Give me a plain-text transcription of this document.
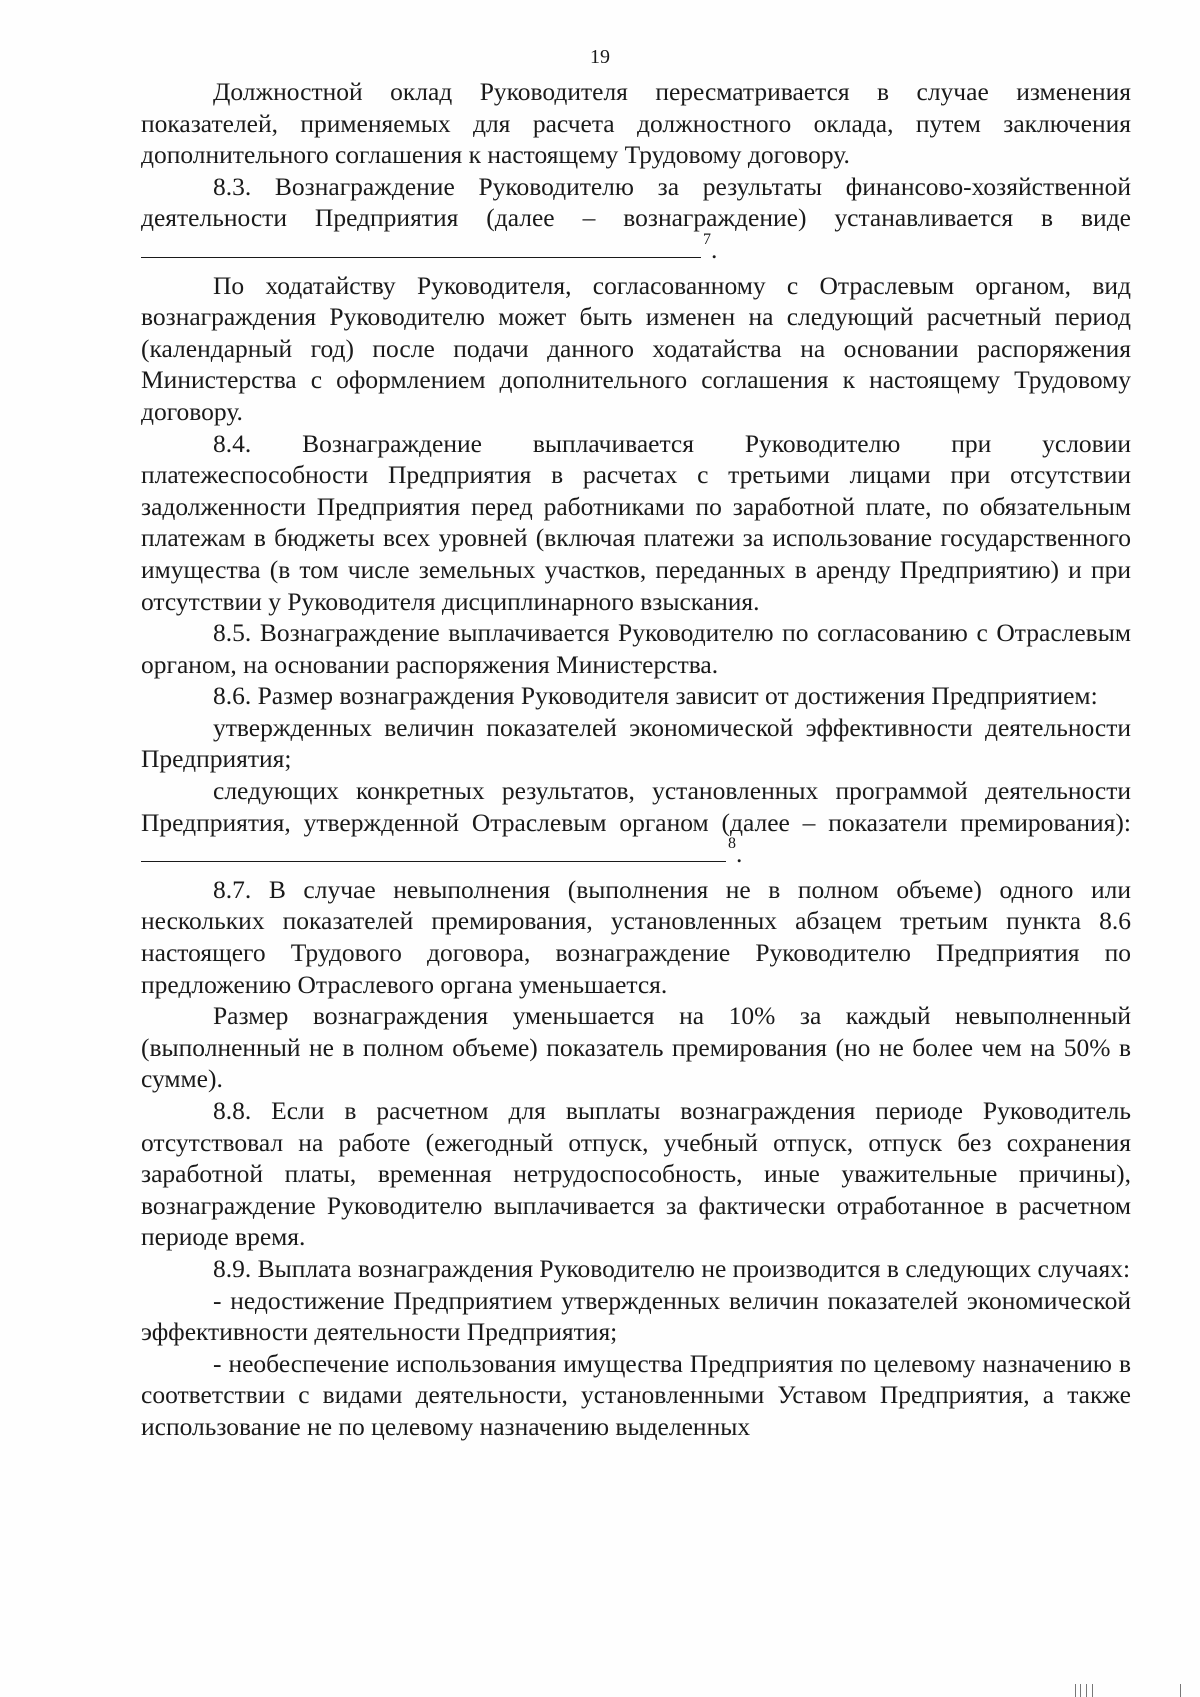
19

Должностной оклад Руководителя пересматривается в случае изменения показателей, применяемых для расчета должностного оклада, путем заключения дополнительного соглашения к настоящему Трудовому договору.

8.3. Вознаграждение Руководителю за результаты финансово-хозяйственной деятельности Предприятия (далее – вознаграждение) устанавливается в виде $^7$.

По ходатайству Руководителя, согласованному с Отраслевым органом, вид вознаграждения Руководителю может быть изменен на следующий расчетный период (календарный год) после подачи данного ходатайства на основании распоряжения Министерства с оформлением дополнительного соглашения к настоящему Трудовому договору.

8.4. Вознаграждение выплачивается Руководителю при условии платежеспособности Предприятия в расчетах с третьими лицами при отсутствии задолженности Предприятия перед работниками по заработной плате, по обязательным платежам в бюджеты всех уровней (включая платежи за использование государственного имущества (в том числе земельных участков, переданных в аренду Предприятию) и при отсутствии у Руководителя дисциплинарного взыскания.

8.5. Вознаграждение выплачивается Руководителю по согласованию с Отраслевым органом, на основании распоряжения Министерства.

8.6. Размер вознаграждения Руководителя зависит от достижения Предприятием:

утвержденных величин показателей экономической эффективности деятельности Предприятия;

следующих конкретных результатов, установленных программой деятельности Предприятия, утвержденной Отраслевым органом (далее – показатели премирования):$^8$.

8.7. В случае невыполнения (выполнения не в полном объеме) одного или нескольких показателей премирования, установленных абзацем третьим пункта 8.6 настоящего Трудового договора, вознаграждение Руководителю Предприятия по предложению Отраслевого органа уменьшается.

Размер вознаграждения уменьшается на 10% за каждый невыполненный (выполненный не в полном объеме) показатель премирования (но не более чем на 50% в сумме).

8.8. Если в расчетном для выплаты вознаграждения периоде Руководитель отсутствовал на работе (ежегодный отпуск, учебный отпуск, отпуск без сохранения заработной платы, временная нетрудоспособность, иные уважительные причины), вознаграждение Руководителю выплачивается за фактически отработанное в расчетном периоде время.

8.9. Выплата вознаграждения Руководителю не производится в следующих случаях:

- недостижение Предприятием утвержденных величин показателей экономической эффективности деятельности Предприятия;

- необеспечение использования имущества Предприятия по целевому назначению в соответствии с видами деятельности, установленными Уставом Предприятия, а также использование не по целевому назначению выделенных
